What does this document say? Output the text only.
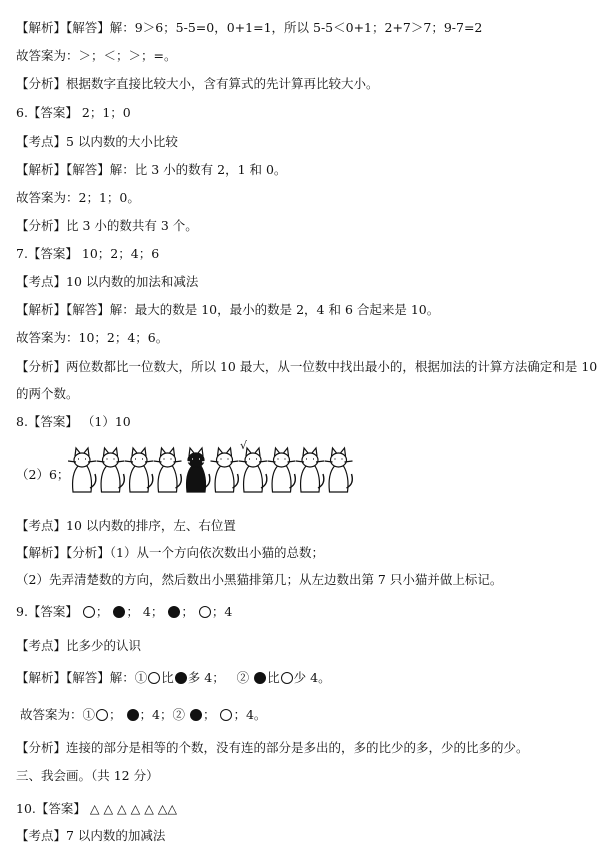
【解析】【解答】解：9＞6；5-5=0，0+1=1，所以 5-5＜0+1；2+7＞7；9-7=2
故答案为：＞；＜；＞；=。
【分析】根据数字直接比较大小，含有算式的先计算再比较大小。
6.【答案】 2；1；0
【考点】5 以内数的大小比较
【解析】【解答】解：比 3 小的数有 2，1 和 0。
故答案为：2；1；0。
【分析】比 3 小的数共有 3 个。
7.【答案】 10；2；4；6
【考点】10 以内数的加法和减法
【解析】【解答】解：最大的数是 10，最小的数是 2，4 和 6 合起来是 10。
故答案为：10；2；4；6。
【分析】两位数都比一位数大，所以 10 最大，从一位数中找出最小的，根据加法的计算方法确定和是 10
的两个数。
8.【答案】 （1）10
（2）6；
√
【考点】10 以内数的排序，左、右位置
【解析】【分析】（1）从一个方向依次数出小猫的总数；
（2）先弄清楚数的方向，然后数出小黑猫排第几；从左边数出第 7 只小猫并做上标记。
9.【答案】 ； ； 4； ； ；4
【考点】比多少的认识
【解析】【解答】解：① 比 多 4； ② 比 少 4。
故答案为：① ； ；4；② ； ；4。
【分析】连接的部分是相等的个数，没有连的部分是多出的，多的比少的多，少的比多的少。
三、我会画。（共 12 分）
10.【答案】 △ △ △ △ △ △△
【考点】7 以内数的加减法
